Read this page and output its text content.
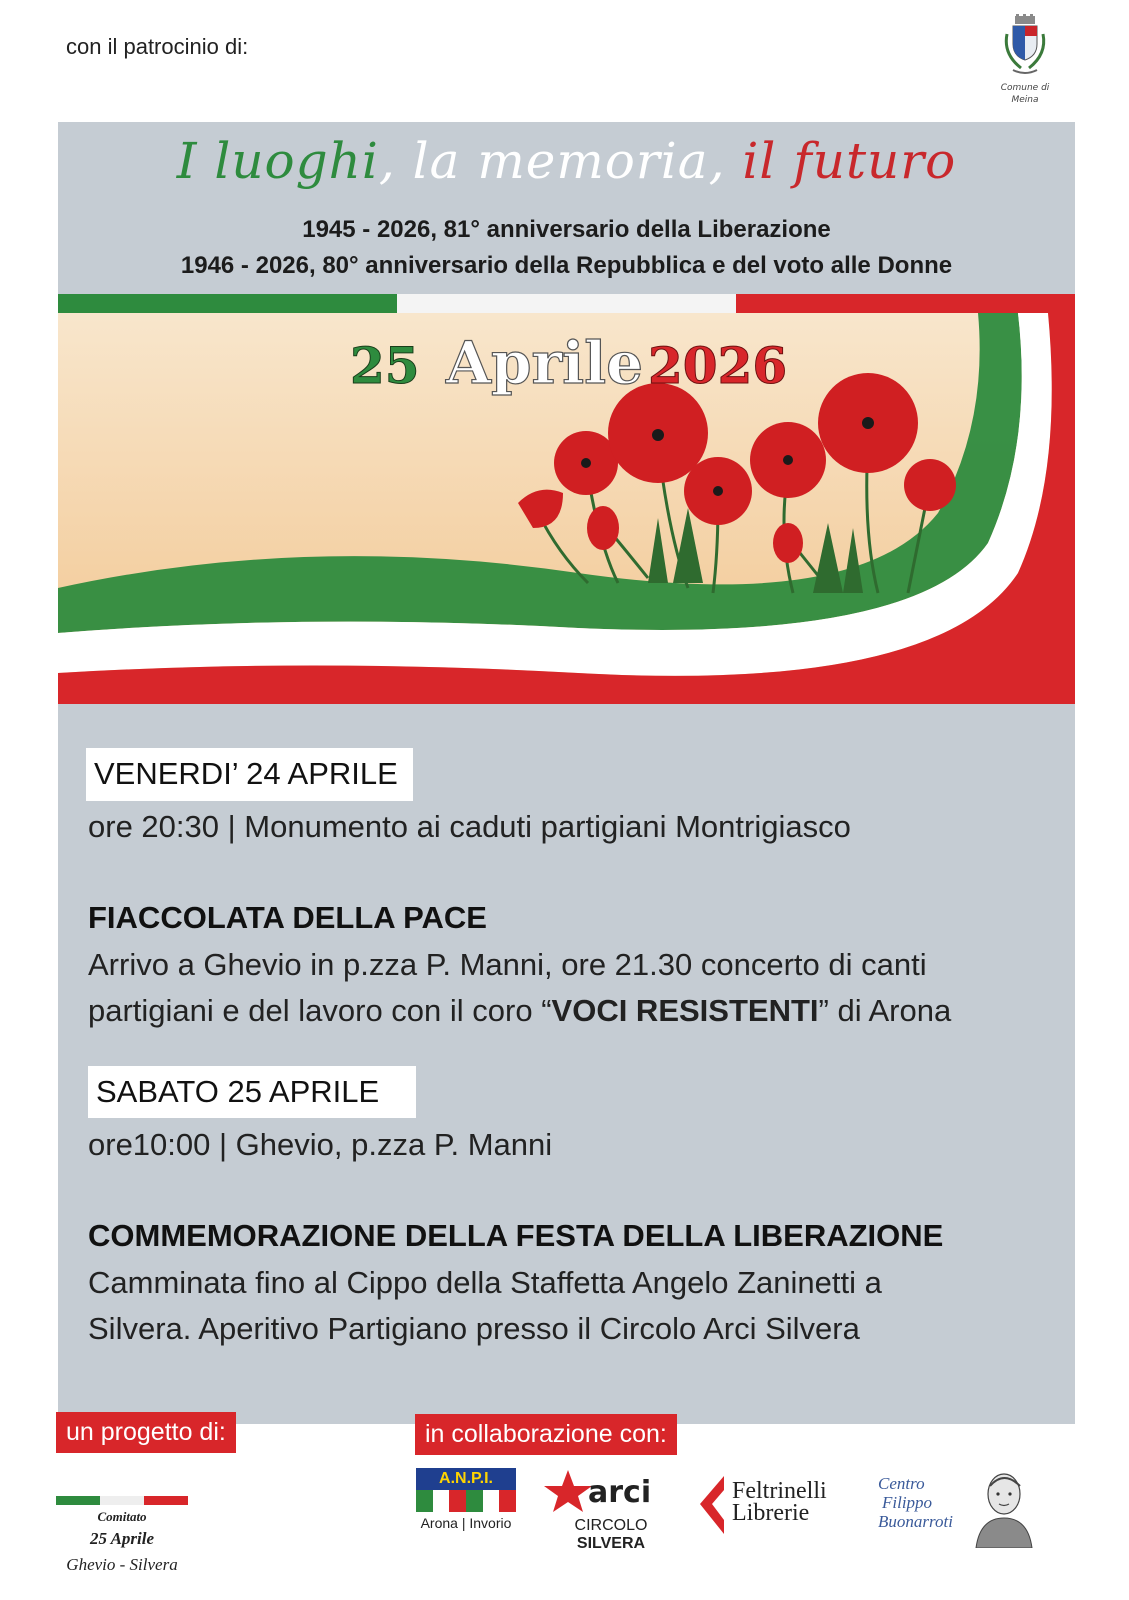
con il patrocinio di:
Comune di
Meina
I luoghi, la memoria, il futuro
1945 - 2026, 81° anniversario della Liberazione
1946 - 2026, 80° anniversario della Repubblica e del voto alle Donne
25 Aprile 2026
VENERDI’ 24 APRILE
ore 20:30 | Monumento ai caduti partigiani Montrigiasco
FIACCOLATA DELLA PACE
Arrivo a Ghevio in p.zza P. Manni, ore 21.30 concerto di canti
partigiani e del lavoro con il coro “VOCI RESISTENTI” di Arona
SABATO 25 APRILE
ore10:00 | Ghevio, p.zza P. Manni
COMMEMORAZIONE DELLA FESTA DELLA LIBERAZIONE
Camminata fino al Cippo della Staffetta Angelo Zaninetti a
Silvera. Aperitivo Partigiano presso il Circolo Arci Silvera
un progetto di:	in collaborazione con:
Comitato
25 Aprile
Ghevio - Silvera
A.N.P.I.
Arona | Invorio
arci
CIRCOLO
SILVERA
Feltrinelli
Librerie
Centro
Filippo
Buonarroti
